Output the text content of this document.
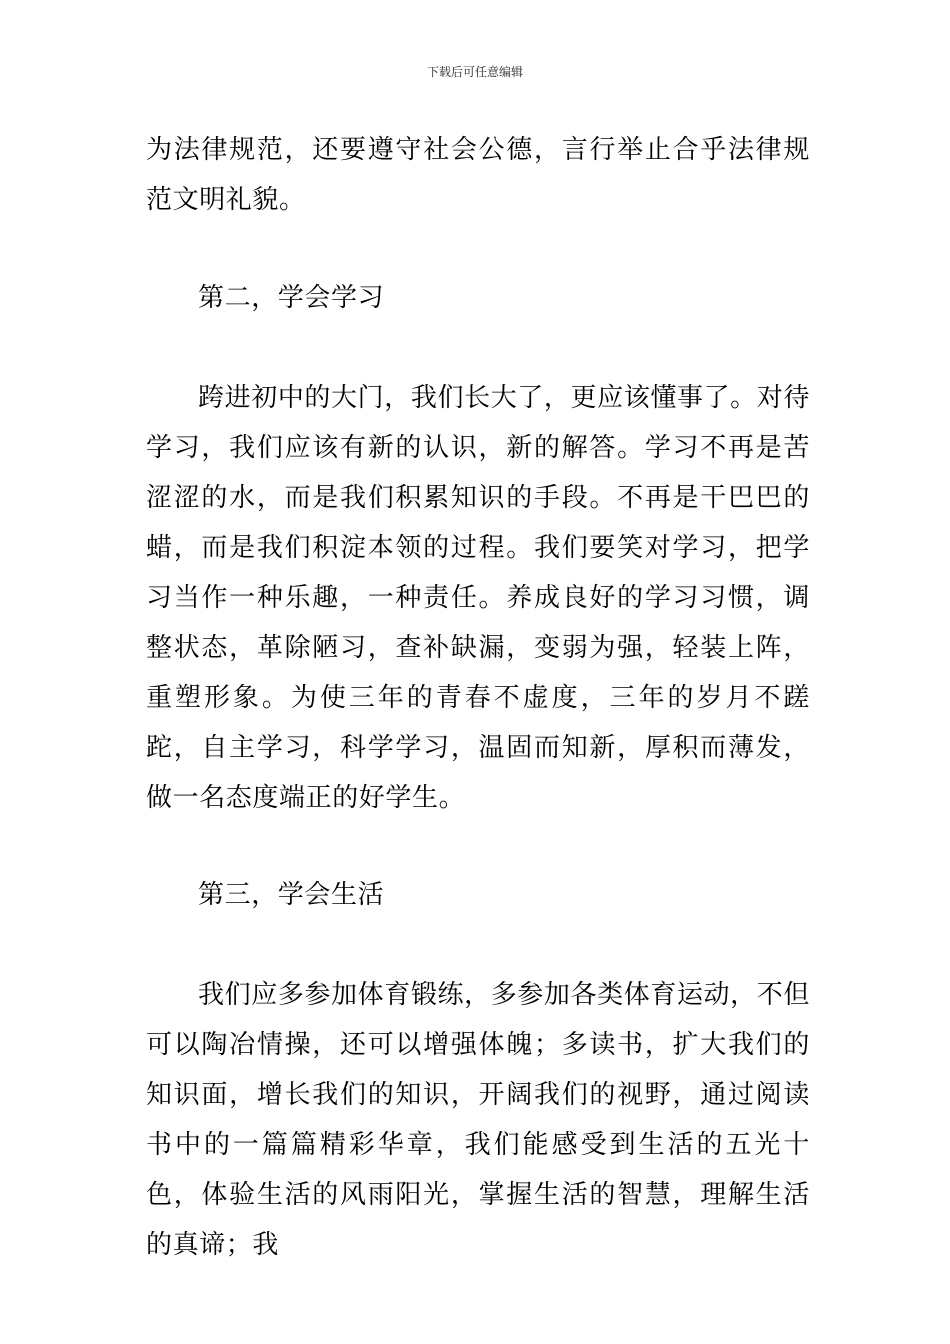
下载后可任意编辑

为法律规范，还要遵守社会公德，言行举止合乎法律规范文明礼貌。

第二，学会学习

跨进初中的大门，我们长大了，更应该懂事了。对待学习，我们应该有新的认识，新的解答。学习不再是苦涩涩的水，而是我们积累知识的手段。不再是干巴巴的蜡，而是我们积淀本领的过程。我们要笑对学习，把学习当作一种乐趣，一种责任。养成良好的学习习惯，调整状态，革除陋习，查补缺漏，变弱为强，轻装上阵，重塑形象。为使三年的青春不虚度，三年的岁月不蹉跎，自主学习，科学学习，温固而知新，厚积而薄发，做一名态度端正的好学生。

第三，学会生活

我们应多参加体育锻练，多参加各类体育运动，不但可以陶冶情操，还可以增强体魄；多读书，扩大我们的知识面，增长我们的知识，开阔我们的视野，通过阅读书中的一篇篇精彩华章，我们能感受到生活的五光十色，体验生活的风雨阳光，掌握生活的智慧，理解生活的真谛；我
